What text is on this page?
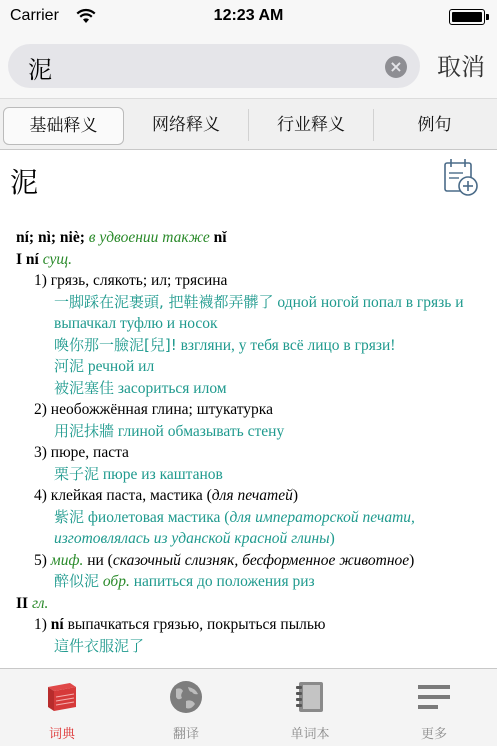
Carrier	12:23 AM
泥	× 取消
基础释义	网络释义	行业释义	例句
泥
ní; nì; niè; в удвоении также nǐ
I ní сущ.
1) грязь, слякоть; ил; трясина
一脚踩在泥裹頭, 把鞋襪都弄髒了 одной ногой попал в грязь и выпачкал туфлю и носок
喚你那一臉泥[兒]! взгляни, у тебя всё лицо в грязи!
河泥 речной ил
被泥塞佳 засориться илом
2) необожжённая глина; штукатурка
用泥抹牆 глиной обмазывать стену
3) пюре, паста
栗子泥 пюре из каштанов
4) клейкая паста, мастика (для печатей)
紫泥 фиолетовая мастика (для императорской печати, изготовлялась из уданской красной глины)
5) миф. ни (сказочный слизняк, бесформенное животное)
醉似泥 обр. напиться до положения риз
II гл.
1) ní выпачкаться грязью, покрыться пылью
這件衣服泥了
词典	翻译	单词本	更多
